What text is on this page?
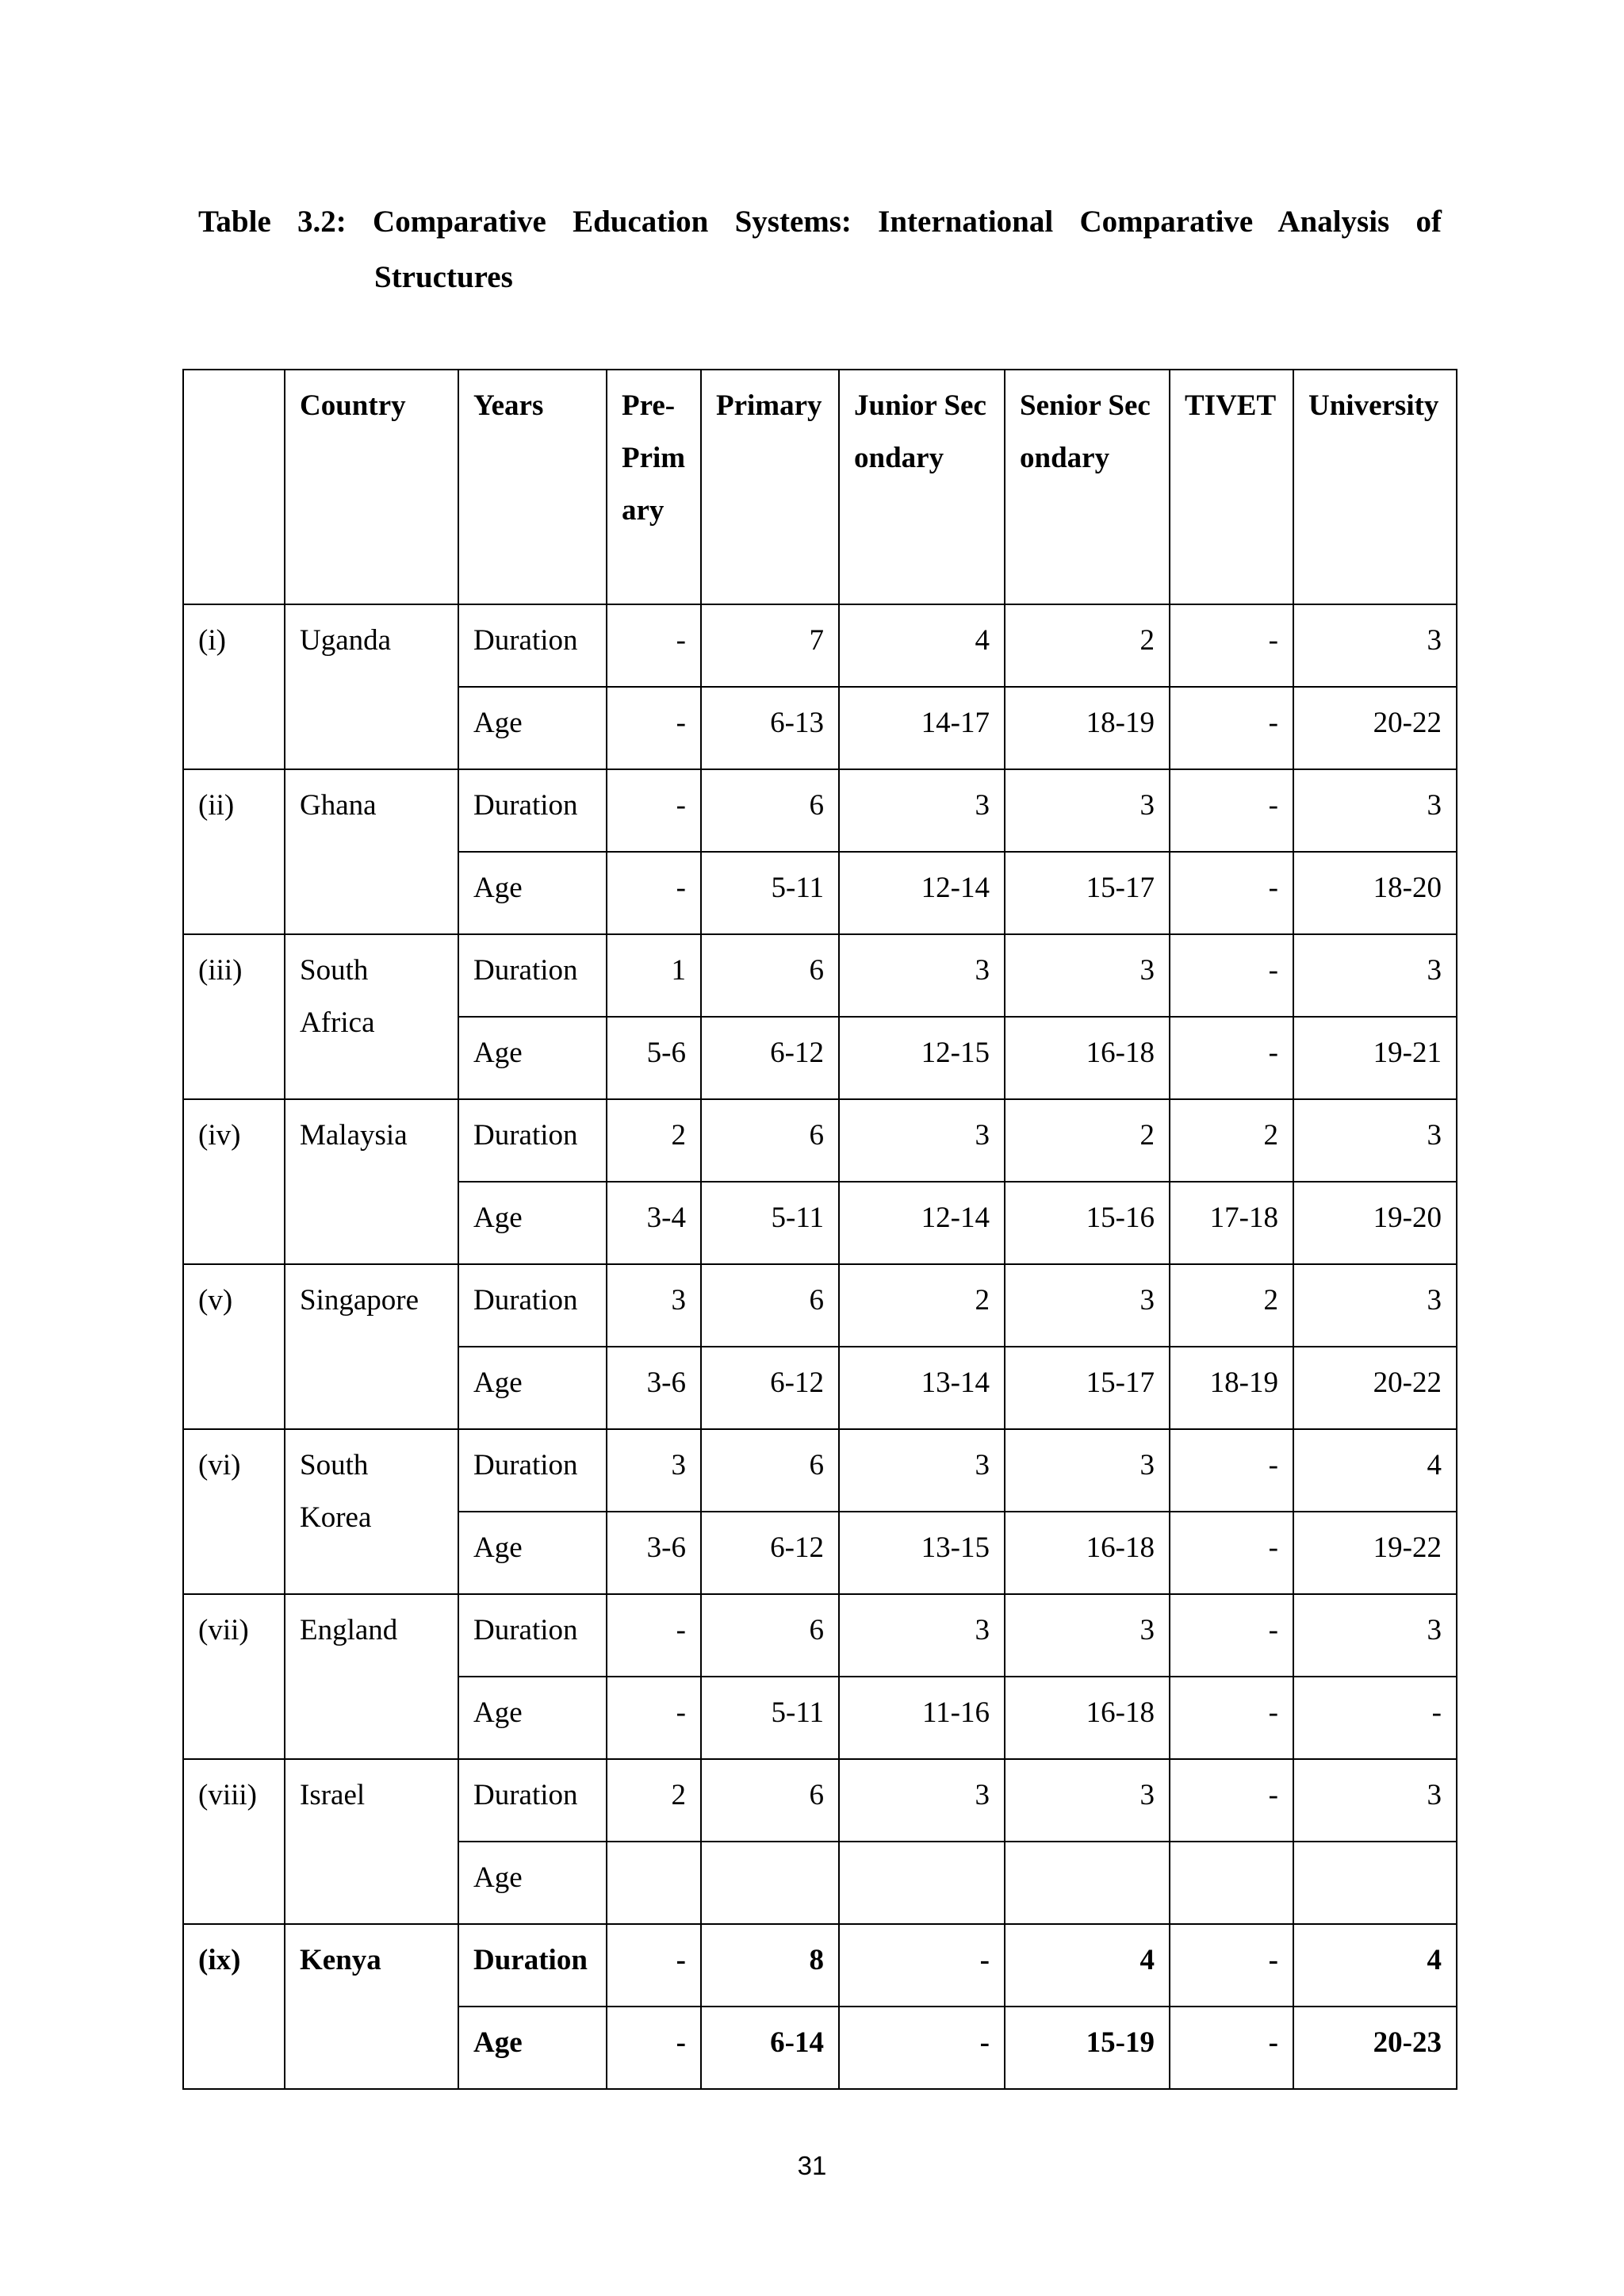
Table 3.2: Comparative Education Systems: International Comparative Analysis of
Structures
	Country	Years	Pre-Primary	Primary	Junior Secondary	Senior Secondary	TIVET	University
(i)	Uganda	Duration	-	7	4	2	-	3
		Age	-	6-13	14-17	18-19	-	20-22
(ii)	Ghana	Duration	-	6	3	3	-	3
		Age	-	5-11	12-14	15-17	-	18-20
(iii)	South Africa	Duration	1	6	3	3	-	3
		Age	5-6	6-12	12-15	16-18	-	19-21
(iv)	Malaysia	Duration	2	6	3	2	2	3
		Age	3-4	5-11	12-14	15-16	17-18	19-20
(v)	Singapore	Duration	3	6	2	3	2	3
		Age	3-6	6-12	13-14	15-17	18-19	20-22
(vi)	South Korea	Duration	3	6	3	3	-	4
		Age	3-6	6-12	13-15	16-18	-	19-22
(vii)	England	Duration	-	6	3	3	-	3
		Age	-	5-11	11-16	16-18	-	-
(viii)	Israel	Duration	2	6	3	3	-	3
		Age						
(ix)	Kenya	Duration	-	8	-	4	-	4
		Age	-	6-14	-	15-19	-	20-23
31
